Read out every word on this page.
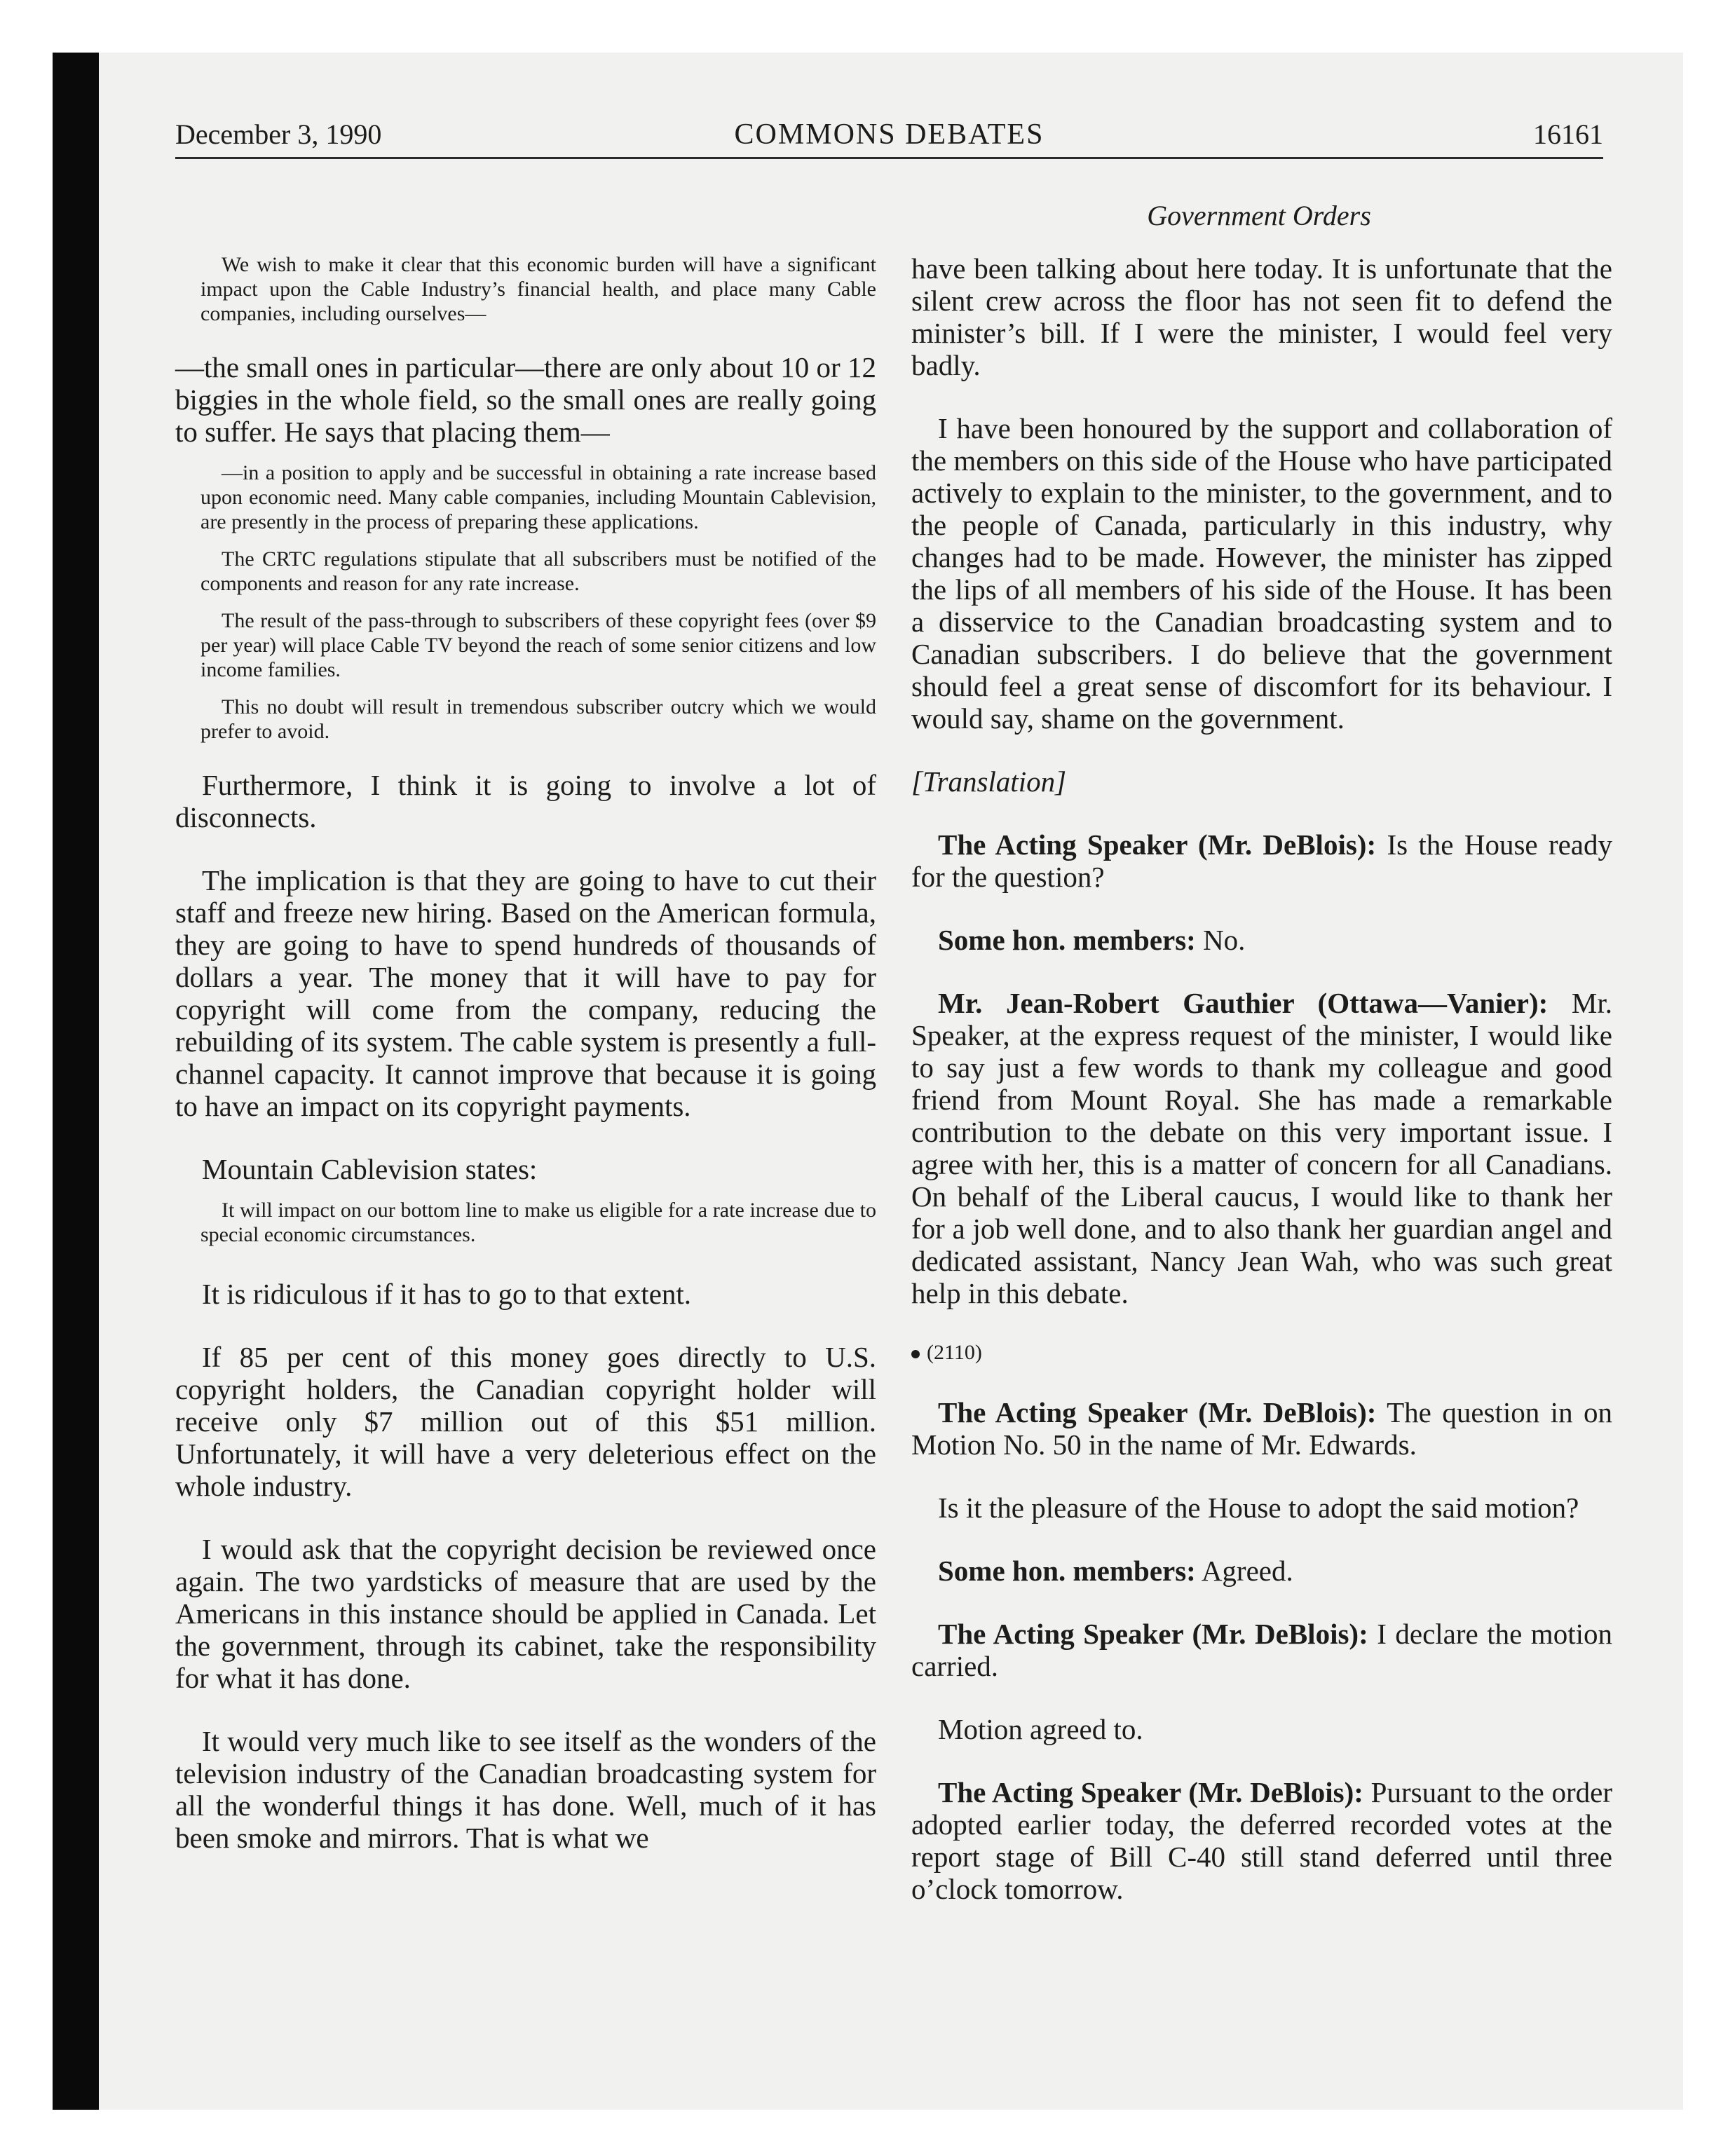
December 3, 1990	COMMONS DEBATES	16161
Government Orders

We wish to make it clear that this economic burden will have a significant impact upon the Cable Industry’s financial health, and place many Cable companies, including ourselves—

—the small ones in particular—there are only about 10 or 12 biggies in the whole field, so the small ones are really going to suffer. He says that placing them—

—in a position to apply and be successful in obtaining a rate increase based upon economic need. Many cable companies, including Mountain Cablevision, are presently in the process of preparing these applications.

The CRTC regulations stipulate that all subscribers must be notified of the components and reason for any rate increase.

The result of the pass-through to subscribers of these copyright fees (over $9 per year) will place Cable TV beyond the reach of some senior citizens and low income families.

This no doubt will result in tremendous subscriber outcry which we would prefer to avoid.

Furthermore, I think it is going to involve a lot of disconnects.

The implication is that they are going to have to cut their staff and freeze new hiring. Based on the American formula, they are going to have to spend hundreds of thousands of dollars a year. The money that it will have to pay for copyright will come from the company, reducing the rebuilding of its system. The cable system is presently a full-channel capacity. It cannot improve that because it is going to have an impact on its copyright payments.

Mountain Cablevision states:

It will impact on our bottom line to make us eligible for a rate increase due to special economic circumstances.

It is ridiculous if it has to go to that extent.

If 85 per cent of this money goes directly to U.S. copyright holders, the Canadian copyright holder will receive only $7 million out of this $51 million. Unfortunately, it will have a very deleterious effect on the whole industry.

I would ask that the copyright decision be reviewed once again. The two yardsticks of measure that are used by the Americans in this instance should be applied in Canada. Let the government, through its cabinet, take the responsibility for what it has done.

It would very much like to see itself as the wonders of the television industry of the Canadian broadcasting system for all the wonderful things it has done. Well, much of it has been smoke and mirrors. That is what we

have been talking about here today. It is unfortunate that the silent crew across the floor has not seen fit to defend the minister’s bill. If I were the minister, I would feel very badly.

I have been honoured by the support and collaboration of the members on this side of the House who have participated actively to explain to the minister, to the government, and to the people of Canada, particularly in this industry, why changes had to be made. However, the minister has zipped the lips of all members of his side of the House. It has been a disservice to the Canadian broadcasting system and to Canadian subscribers. I do believe that the government should feel a great sense of discomfort for its behaviour. I would say, shame on the government.

[Translation]

The Acting Speaker (Mr. DeBlois): Is the House ready for the question?

Some hon. members: No.

Mr. Jean-Robert Gauthier (Ottawa—Vanier): Mr. Speaker, at the express request of the minister, I would like to say just a few words to thank my colleague and good friend from Mount Royal. She has made a remarkable contribution to the debate on this very important issue. I agree with her, this is a matter of concern for all Canadians. On behalf of the Liberal caucus, I would like to thank her for a job well done, and to also thank her guardian angel and dedicated assistant, Nancy Jean Wah, who was such great help in this debate.

(2110)

The Acting Speaker (Mr. DeBlois): The question in on Motion No. 50 in the name of Mr. Edwards.

Is it the pleasure of the House to adopt the said motion?

Some hon. members: Agreed.

The Acting Speaker (Mr. DeBlois): I declare the motion carried.

Motion agreed to.

The Acting Speaker (Mr. DeBlois): Pursuant to the order adopted earlier today, the deferred recorded votes at the report stage of Bill C-40 still stand deferred until three o’clock tomorrow.
